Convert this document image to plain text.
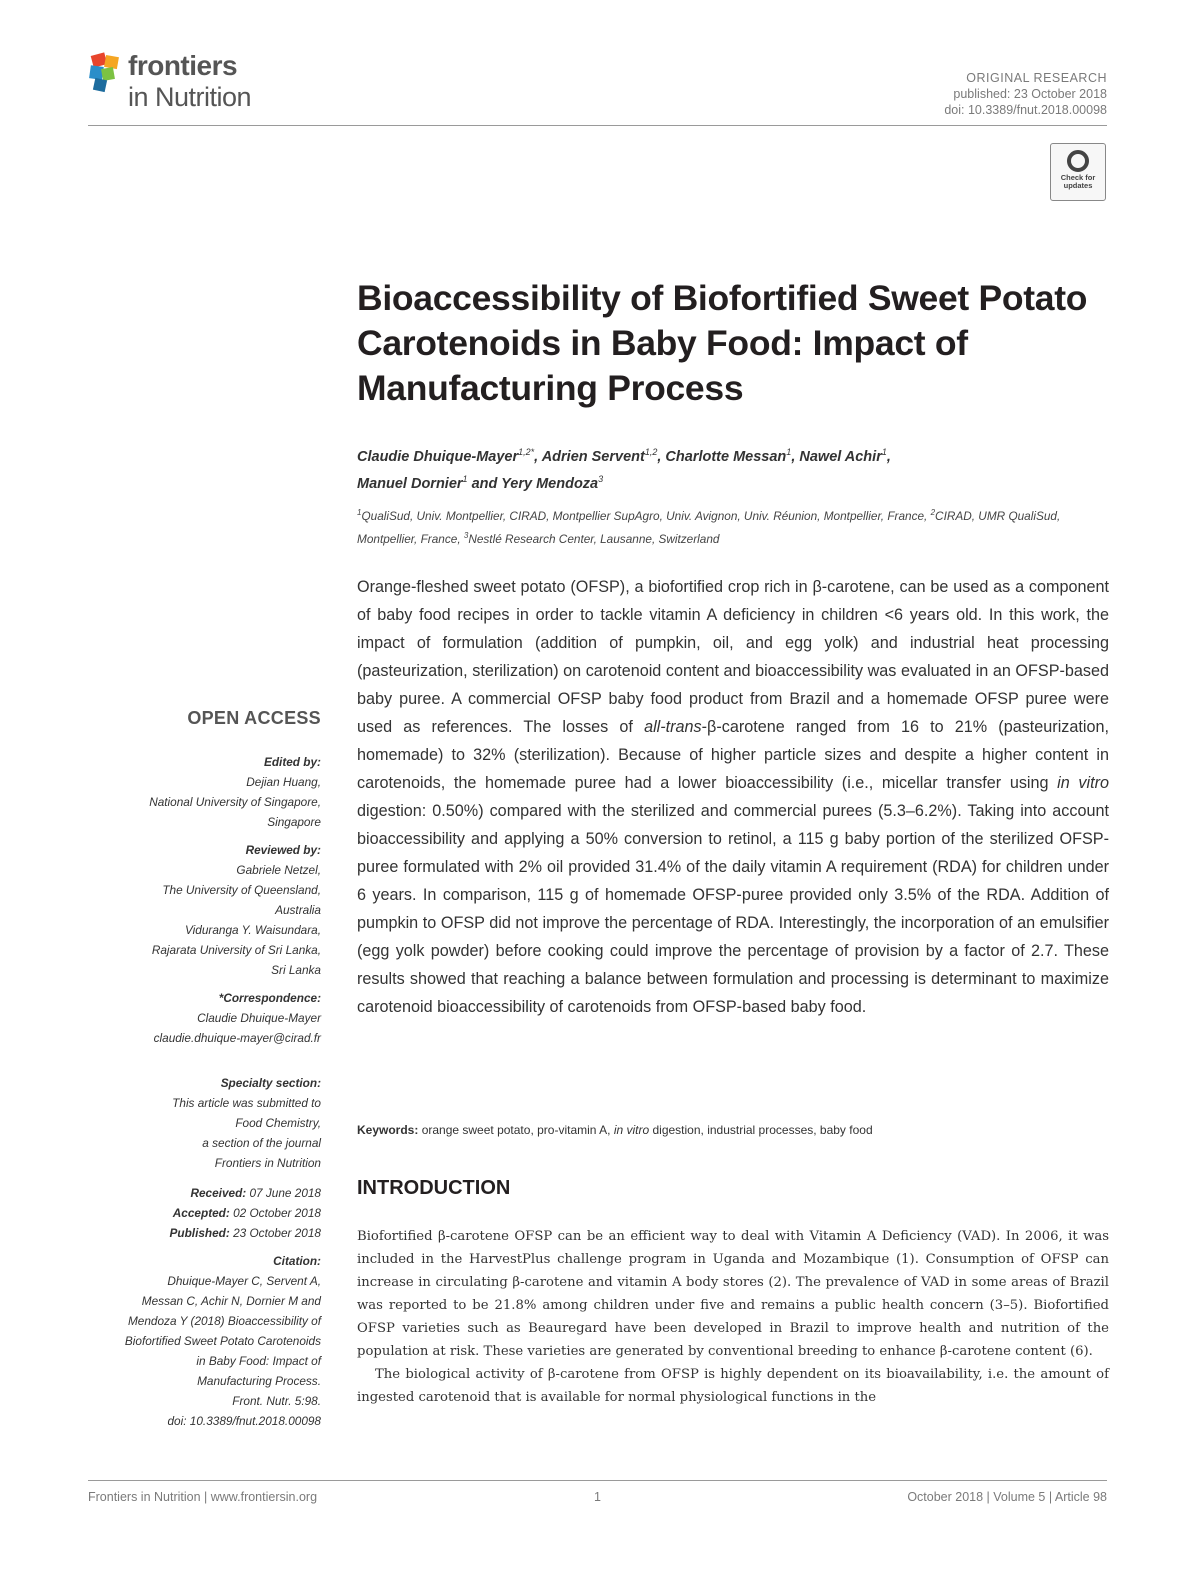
frontiers
in Nutrition
ORIGINAL RESEARCH
published: 23 October 2018
doi: 10.3389/fnut.2018.00098
Check for updates
Bioaccessibility of Biofortified Sweet Potato Carotenoids in Baby Food: Impact of Manufacturing Process
Claudie Dhuique-Mayer$^{1,2*}$, Adrien Servent$^{1,2}$, Charlotte Messan$^1$, Nawel Achir$^1$,
Manuel Dornier$^1$ and Yery Mendoza$^3$
$^1$QualiSud, Univ. Montpellier, CIRAD, Montpellier SupAgro, Univ. Avignon, Univ. Réunion, Montpellier, France, $^2$CIRAD, UMR QualiSud, Montpellier, France, $^3$Nestlé Research Center, Lausanne, Switzerland
Orange-fleshed sweet potato (OFSP), a biofortified crop rich in β-carotene, can be used as a component of baby food recipes in order to tackle vitamin A deficiency in children <6 years old. In this work, the impact of formulation (addition of pumpkin, oil, and egg yolk) and industrial heat processing (pasteurization, sterilization) on carotenoid content and bioaccessibility was evaluated in an OFSP-based baby puree. A commercial OFSP baby food product from Brazil and a homemade OFSP puree were used as references. The losses of all-trans-β-carotene ranged from 16 to 21% (pasteurization, homemade) to 32% (sterilization). Because of higher particle sizes and despite a higher content in carotenoids, the homemade puree had a lower bioaccessibility (i.e., micellar transfer using in vitro digestion: 0.50%) compared with the sterilized and commercial purees (5.3–6.2%). Taking into account bioaccessibility and applying a 50% conversion to retinol, a 115 g baby portion of the sterilized OFSP-puree formulated with 2% oil provided 31.4% of the daily vitamin A requirement (RDA) for children under 6 years. In comparison, 115 g of homemade OFSP-puree provided only 3.5% of the RDA. Addition of pumpkin to OFSP did not improve the percentage of RDA. Interestingly, the incorporation of an emulsifier (egg yolk powder) before cooking could improve the percentage of provision by a factor of 2.7. These results showed that reaching a balance between formulation and processing is determinant to maximize carotenoid bioaccessibility of carotenoids from OFSP-based baby food.
Keywords: orange sweet potato, pro-vitamin A, in vitro digestion, industrial processes, baby food
INTRODUCTION

Biofortified β-carotene OFSP can be an efficient way to deal with Vitamin A Deficiency (VAD). In 2006, it was included in the HarvestPlus challenge program in Uganda and Mozambique (1). Consumption of OFSP can increase in circulating β-carotene and vitamin A body stores (2). The prevalence of VAD in some areas of Brazil was reported to be 21.8% among children under five and remains a public health concern (3–5). Biofortified OFSP varieties such as Beauregard have been developed in Brazil to improve health and nutrition of the population at risk. These varieties are generated by conventional breeding to enhance β-carotene content (6).

The biological activity of β-carotene from OFSP is highly dependent on its bioavailability, i.e. the amount of ingested carotenoid that is available for normal physiological functions in the

OPEN ACCESS
Edited by:
Dejian Huang,
National University of Singapore,
Singapore
Reviewed by:
Gabriele Netzel,
The University of Queensland,
Australia
Viduranga Y. Waisundara,
Rajarata University of Sri Lanka,
Sri Lanka
*Correspondence:
Claudie Dhuique-Mayer
claudie.dhuique-mayer@cirad.fr
Specialty section:
This article was submitted to
Food Chemistry,
a section of the journal
Frontiers in Nutrition
Received: 07 June 2018
Accepted: 02 October 2018
Published: 23 October 2018
Citation:
Dhuique-Mayer C, Servent A,
Messan C, Achir N, Dornier M and
Mendoza Y (2018) Bioaccessibility of
Biofortified Sweet Potato Carotenoids
in Baby Food: Impact of
Manufacturing Process.
Front. Nutr. 5:98.
doi: 10.3389/fnut.2018.00098
Frontiers in Nutrition | www.frontiersin.org	1	October 2018 | Volume 5 | Article 98
